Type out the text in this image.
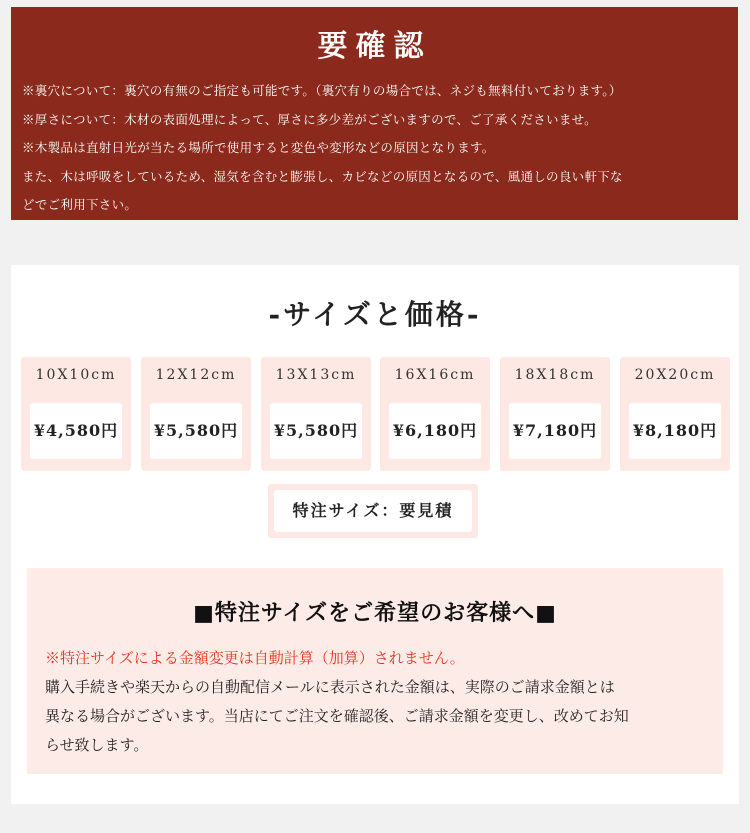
要確認
※裏穴について：裏穴の有無のご指定も可能です。（裏穴有りの場合では、ネジも無料付いております。）
※厚さについて：木材の表面処理によって、厚さに多少差がございますので、ご了承くださいませ。
※木製品は直射日光が当たる場所で使用すると変色や変形などの原因となります。
また、木は呼吸をしているため、湿気を含むと膨張し、カビなどの原因となるので、風通しの良い軒下な
どでご利用下さい。
-サイズと価格-
10X10cm
¥4,580円
12X12cm
¥5,580円
13X13cm
¥5,580円
16X16cm
¥6,180円
18X18cm
¥7,180円
20X20cm
¥8,180円
特注サイズ：要見積
■特注サイズをご希望のお客様へ■
※特注サイズによる金額変更は自動計算（加算）されません。
購入手続きや楽天からの自動配信メールに表示された金額は、実際のご請求金額とは
異なる場合がございます。当店にてご注文を確認後、ご請求金額を変更し、改めてお知
らせ致します。
